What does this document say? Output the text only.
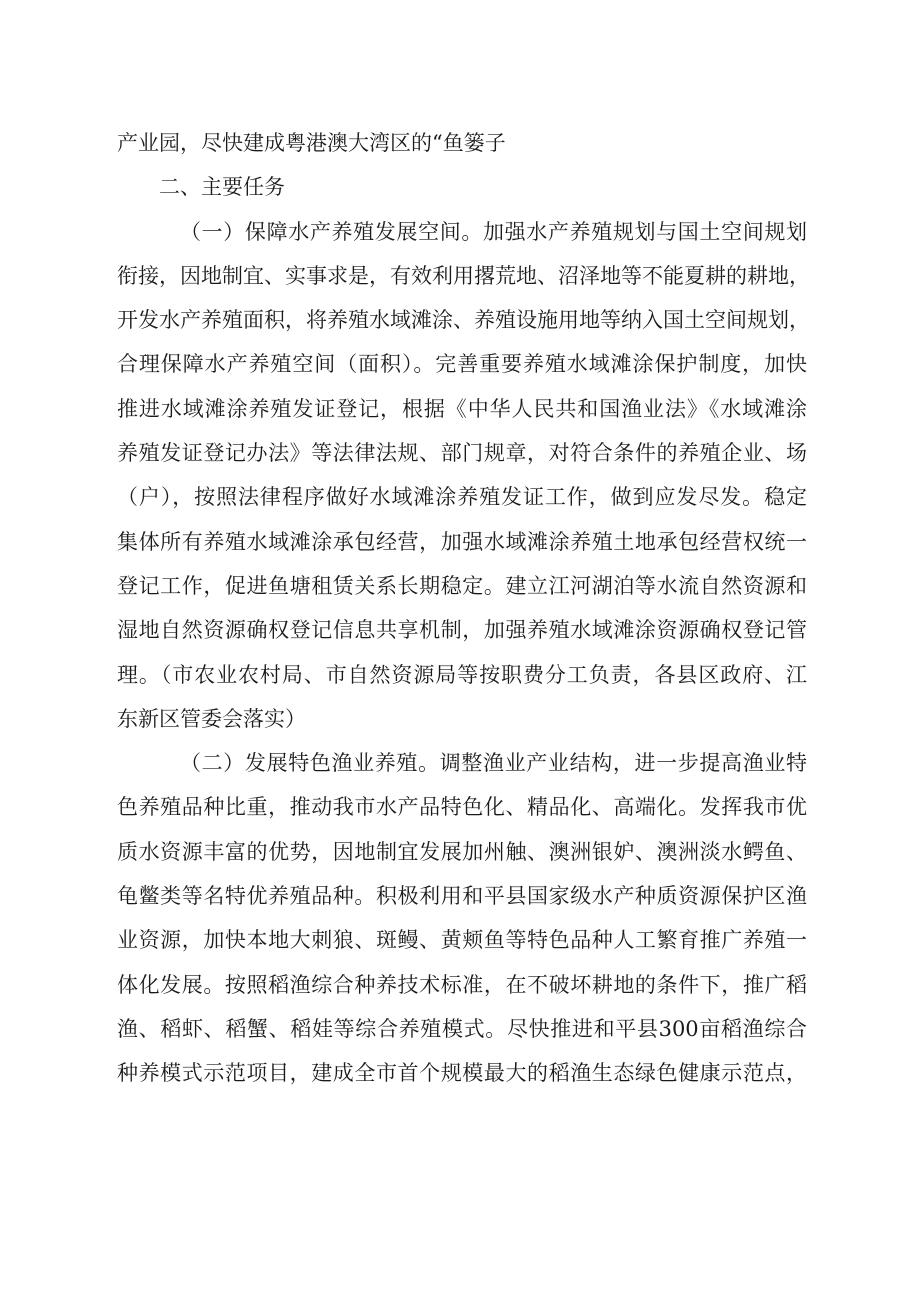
产业园，尽快建成粤港澳大湾区的“鱼篓子
二、主要任务
（一）保障水产养殖发展空间。加强水产养殖规划与国土空间规划
衔接，因地制宜、实事求是，有效利用撂荒地、沼泽地等不能夏耕的耕地，
开发水产养殖面积，将养殖水域滩涂、养殖设施用地等纳入国土空间规划，
合理保障水产养殖空间（面积）。完善重要养殖水域滩涂保护制度，加快
推进水域滩涂养殖发证登记，根据《中华人民共和国渔业法》《水域滩涂
养殖发证登记办法》等法律法规、部门规章，对符合条件的养殖企业、场
（户），按照法律程序做好水域滩涂养殖发证工作，做到应发尽发。稳定
集体所有养殖水域滩涂承包经营，加强水域滩涂养殖土地承包经营权统一
登记工作，促进鱼塘租赁关系长期稳定。建立江河湖泊等水流自然资源和
湿地自然资源确权登记信息共享机制，加强养殖水域滩涂资源确权登记管
理。（市农业农村局、市自然资源局等按职费分工负责，各县区政府、江
东新区管委会落实）
（二）发展特色渔业养殖。调整渔业产业结构，进一步提高渔业特
色养殖品种比重，推动我市水产品特色化、精品化、高端化。发挥我市优
质水资源丰富的优势，因地制宜发展加州触、澳洲银妒、澳洲淡水鳄鱼、
龟鳖类等名特优养殖品种。积极利用和平县国家级水产种质资源保护区渔
业资源，加快本地大刺狼、斑鳗、黄颊鱼等特色品种人工繁育推广养殖一
体化发展。按照稻渔综合种养技术标准，在不破坏耕地的条件下，推广稻
渔、稻虾、稻蟹、稻娃等综合养殖模式。尽快推进和平县300亩稻渔综合
种养模式示范项目，建成全市首个规模最大的稻渔生态绿色健康示范点，
